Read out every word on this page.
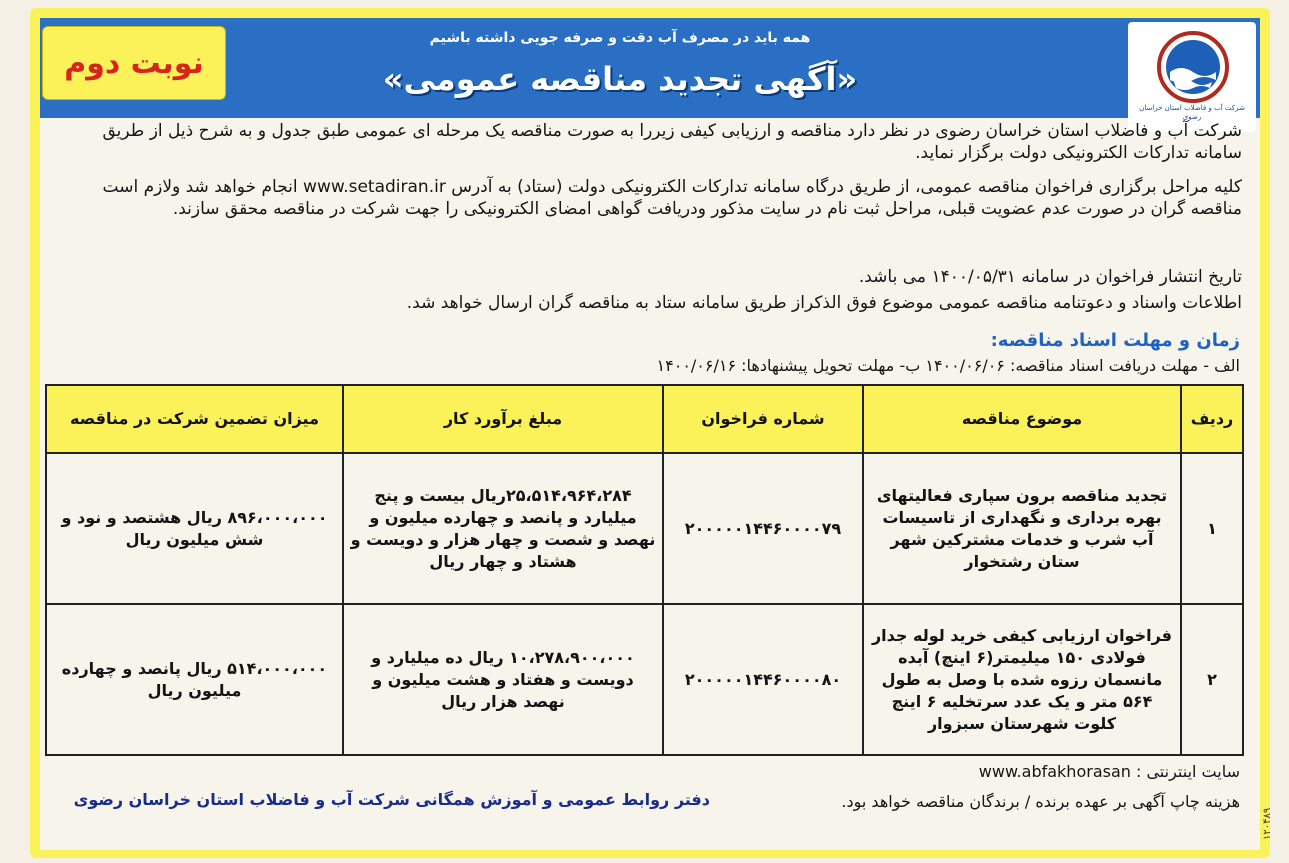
نوبت دوم
همه باید در مصرف آب دقت و صرفه جویی داشته باشیم
«آگهی تجدید مناقصه عمومی»
شرکت آب و فاضلاب استان خراسان رضوی
شرکت آب و فاضلاب استان خراسان رضوی در نظر دارد مناقصه و ارزیابی کیفی زیررا به صورت مناقصه یک مرحله ای عمومی طبق جدول و به شرح ذیل از طریق سامانه تدارکات الکترونیکی دولت برگزار نماید.
کلیه مراحل برگزاری فراخوان مناقصه عمومی، از طریق درگاه سامانه تدارکات الکترونیکی دولت (ستاد) به آدرس www.setadiran.ir انجام خواهد شد ولازم است مناقصه گران در صورت عدم عضویت قبلی، مراحل ثبت نام در سایت مذکور ودریافت گواهی امضای الکترونیکی را جهت شرکت در مناقصه محقق سازند.
تاریخ انتشار فراخوان در سامانه ۱۴۰۰/۰۵/۳۱ می باشد.
اطلاعات واسناد و دعوتنامه مناقصه عمومی موضوع فوق الذکراز طریق سامانه ستاد به مناقصه گران ارسال خواهد شد.
زمان و مهلت اسناد مناقصه:
الف - مهلت دریافت اسناد مناقصه: ۱۴۰۰/۰۶/۰۶ ب- مهلت تحویل پیشنهادها: ۱۴۰۰/۰۶/۱۶
ردیف	موضوع مناقصه	شماره فراخوان	مبلغ برآورد کار	میزان تضمین شرکت در مناقصه
۱	تجدید مناقصه برون سپاری فعالیتهای بهره برداری و نگهداری از تاسیسات آب شرب و خدمات مشترکین شهر ستان رشتخوار	۲۰۰۰۰۰۱۴۴۶۰۰۰۰۷۹	۲۵،۵۱۴،۹۶۴،۲۸۴ریال بیست و پنج میلیارد و پانصد و چهارده میلیون و نهصد و شصت و چهار هزار و دویست و هشتاد و چهار ریال	۸۹۶،۰۰۰،۰۰۰ ریال هشتصد و نود و شش میلیون ریال
۲	فراخوان ارزیابی کیفی خرید لوله جدار فولادی ۱۵۰ میلیمتر(۶ اینچ) آبده مانسمان رزوه شده با وصل به طول ۵۶۴ متر و یک عدد سرتخلیه ۶ اینچ کلوت شهرستان سبزوار	۲۰۰۰۰۰۱۴۴۶۰۰۰۰۸۰	۱۰،۲۷۸،۹۰۰،۰۰۰ ریال ده میلیارد و دویست و هفتاد و هشت میلیون و نهصد هزار ریال	۵۱۴،۰۰۰،۰۰۰ ریال پانصد و چهارده میلیون ریال
سایت اینترنتی : www.abfakhorasan
هزینه چاپ آگهی بر عهده برنده / برندگان مناقصه خواهد بود.
دفتر روابط عمومی و آموزش همگانی شرکت آب و فاضلاب استان خراسان رضوی
۱۲۰۴۸۹
